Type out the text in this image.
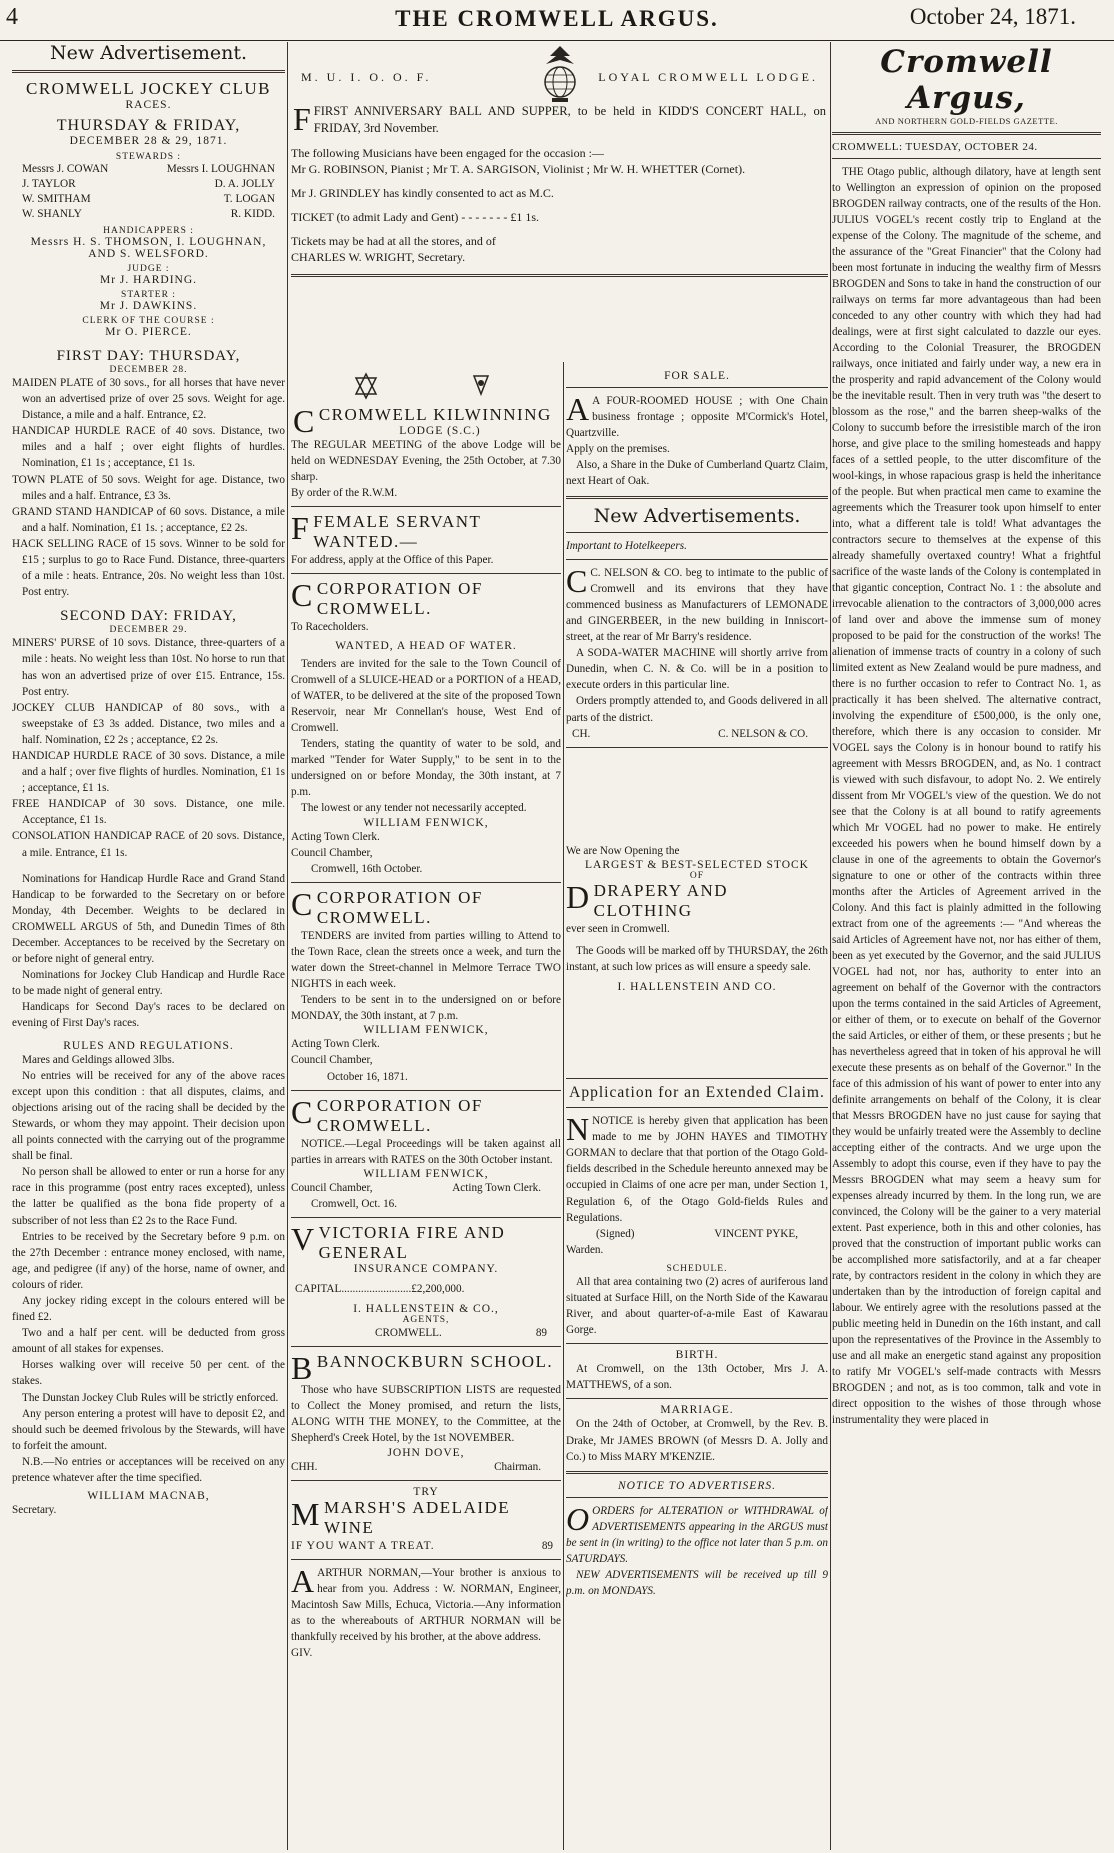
4	THE CROMWELL ARGUS.	October 24, 1871.
New Advertisement.
CROMWELL JOCKEY CLUB
RACES.
THURSDAY & FRIDAY,
DECEMBER 28 & 29, 1871.
STEWARDS :
Messrs J. COWAN	Messrs I. LOUGHNAN
J. TAYLOR	D. A. JOLLY
W. SMITHAM	T. LOGAN
W. SHANLY	R. KIDD.
HANDICAPPERS :
Messrs H. S. THOMSON, I. LOUGHNAN,
AND S. WELSFORD.
JUDGE :
Mr J. HARDING.
STARTER :
Mr J. DAWKINS.
CLERK OF THE COURSE :
Mr O. PIERCE.
FIRST DAY: THURSDAY,
DECEMBER 28.

MAIDEN PLATE of 30 sovs., for all horses that have never won an advertised prize of over 25 sovs. Weight for age. Distance, a mile and a half. Entrance, £2.

HANDICAP HURDLE RACE of 40 sovs. Distance, two miles and a half ; over eight flights of hurdles. Nomination, £1 1s ; acceptance, £1 1s.

TOWN PLATE of 50 sovs. Weight for age. Distance, two miles and a half. Entrance, £3 3s.

GRAND STAND HANDICAP of 60 sovs. Distance, a mile and a half. Nomination, £1 1s. ; acceptance, £2 2s.

HACK SELLING RACE of 15 sovs. Winner to be sold for £15 ; surplus to go to Race Fund. Distance, three-quarters of a mile : heats. Entrance, 20s. No weight less than 10st. Post entry.

SECOND DAY: FRIDAY,
DECEMBER 29.

MINERS' PURSE of 10 sovs. Distance, three-quarters of a mile : heats. No weight less than 10st. No horse to run that has won an advertised prize of over £15. Entrance, 15s. Post entry.

JOCKEY CLUB HANDICAP of 80 sovs., with a sweepstake of £3 3s added. Distance, two miles and a half. Nomination, £2 2s ; acceptance, £2 2s.

HANDICAP HURDLE RACE of 30 sovs. Distance, a mile and a half ; over five flights of hurdles. Nomination, £1 1s ; acceptance, £1 1s.

FREE HANDICAP of 30 sovs. Distance, one mile. Acceptance, £1 1s.

CONSOLATION HANDICAP RACE of 20 sovs. Distance, a mile. Entrance, £1 1s.

Nominations for Handicap Hurdle Race and Grand Stand Handicap to be forwarded to the Secretary on or before Monday, 4th December. Weights to be declared in CROMWELL ARGUS of 5th, and Dunedin Times of 8th December. Acceptances to be received by the Secretary on or before night of general entry.

Nominations for Jockey Club Handicap and Hurdle Race to be made night of general entry.

Handicaps for Second Day's races to be declared on evening of First Day's races.

RULES AND REGULATIONS.

Mares and Geldings allowed 3lbs.

No entries will be received for any of the above races except upon this condition : that all disputes, claims, and objections arising out of the racing shall be decided by the Stewards, or whom they may appoint. Their decision upon all points connected with the carrying out of the programme shall be final.

No person shall be allowed to enter or run a horse for any race in this programme (post entry races excepted), unless the latter be qualified as the bona fide property of a subscriber of not less than £2 2s to the Race Fund.

Entries to be received by the Secretary before 9 p.m. on the 27th December : entrance money enclosed, with name, age, and pedigree (if any) of the horse, name of owner, and colours of rider.

Any jockey riding except in the colours entered will be fined £2.

Two and a half per cent. will be deducted from gross amount of all stakes for expenses.

Horses walking over will receive 50 per cent. of the stakes.

The Dunstan Jockey Club Rules will be strictly enforced.

Any person entering a protest will have to deposit £2, and should such be deemed frivolous by the Stewards, will have to forfeit the amount.

N.B.—No entries or acceptances will be received on any pretence whatever after the time specified.

WILLIAM MACNAB,
Secretary.
M. U. I. O. O. F.	LOYAL CROMWELL LODGE.

FFIRST ANNIVERSARY BALL AND SUPPER, to be held in KIDD'S CONCERT HALL, on FRIDAY, 3rd November.

The following Musicians have been engaged for the occasion :—
Mr G. ROBINSON, Pianist ; Mr T. A. SARGISON, Violinist ; Mr W. H. WHETTER (Cornet).
Mr J. GRINDLEY has kindly consented to act as M.C.
TICKET (to admit Lady and Gent) - - - - - - - £1 1s.
Tickets may be had at all the stores, and of
CHARLES W. WRIGHT, Secretary.
CCROMWELL KILWINNING
LODGE (S.C.)

The REGULAR MEETING of the above Lodge will be held on WEDNESDAY Evening, the 25th October, at 7.30 sharp.

By order of the R.W.M.
FFEMALE SERVANT WANTED.—

For address, apply at the Office of this Paper.

CCORPORATION OF CROMWELL.
To Racecholders.
WANTED, A HEAD OF WATER.

Tenders are invited for the sale to the Town Council of Cromwell of a SLUICE-HEAD or a PORTION of a HEAD, of WATER, to be delivered at the site of the proposed Town Reservoir, near Mr Connellan's house, West End of Cromwell.

Tenders, stating the quantity of water to be sold, and marked "Tender for Water Supply," to be sent in to the undersigned on or before Monday, the 30th instant, at 7 p.m.

The lowest or any tender not necessarily accepted.

WILLIAM FENWICK,
Acting Town Clerk.
Council Chamber,
Cromwell, 16th October.
CCORPORATION OF CROMWELL.

TENDERS are invited from parties willing to Attend to the Town Race, clean the streets once a week, and turn the water down the Street-channel in Melmore Terrace TWO NIGHTS in each week.

Tenders to be sent in to the undersigned on or before MONDAY, the 30th instant, at 7 p.m.

WILLIAM FENWICK,
Acting Town Clerk.
Council Chamber,
October 16, 1871.
CCORPORATION OF CROMWELL.

NOTICE.—Legal Proceedings will be taken against all parties in arrears with RATES on the 30th October instant.

WILLIAM FENWICK,
Council Chamber,	Acting Town Clerk.
Cromwell, Oct. 16.
VVICTORIA FIRE AND GENERAL
INSURANCE COMPANY.
CAPITAL.........................£2,200,000.
I. HALLENSTEIN & CO.,
AGENTS,
CROMWELL.	89
BBANNOCKBURN SCHOOL.

Those who have SUBSCRIPTION LISTS are requested to Collect the Money promised, and return the lists, ALONG WITH THE MONEY, to the Committee, at the Shepherd's Creek Hotel, by the 1st NOVEMBER.

JOHN DOVE,
CHH.	Chairman.
TRY
MMARSH'S ADELAIDE WINE
IF YOU WANT A TREAT.	89

AARTHUR NORMAN,—Your brother is anxious to hear from you. Address : W. NORMAN, Engineer, Macintosh Saw Mills, Echuca, Victoria.—Any information as to the whereabouts of ARTHUR NORMAN will be thankfully received by his brother, at the above address.

GIV.
FOR SALE.

A A FOUR-ROOMED HOUSE ; with One Chain business frontage ; opposite M'Cormick's Hotel, Quartzville.

Apply on the premises.

Also, a Share in the Duke of Cumberland Quartz Claim, next Heart of Oak.

New Advertisements.
Important to Hotelkeepers.

C C. NELSON & CO. beg to intimate to the public of Cromwell and its environs that they have commenced business as Manufacturers of LEMONADE and GINGERBEER, in the new building in Inniscort-street, at the rear of Mr Barry's residence.

A SODA-WATER MACHINE will shortly arrive from Dunedin, when C. N. & Co. will be in a position to execute orders in this particular line.

Orders promptly attended to, and Goods delivered in all parts of the district.

CH.	C. NELSON & CO.
We are Now Opening the
LARGEST & BEST-SELECTED STOCK
OF
DDRAPERY AND CLOTHING
ever seen in Cromwell.

The Goods will be marked off by THURSDAY, the 26th instant, at such low prices as will ensure a speedy sale.

I. HALLENSTEIN AND CO.
Application for an Extended Claim.

NNOTICE is hereby given that application has been made to me by JOHN HAYES and TIMOTHY GORMAN to declare that that portion of the Otago Gold-fields described in the Schedule hereunto annexed may be occupied in Claims of one acre per man, under Section 1, Regulation 6, of the Otago Gold-fields Rules and Regulations.

(Signed)	VINCENT PYKE,
Warden.
SCHEDULE.

All that area containing two (2) acres of auriferous land situated at Surface Hill, on the North Side of the Kawarau River, and about quarter-of-a-mile East of Kawarau Gorge.

BIRTH.

At Cromwell, on the 13th October, Mrs J. A. MATTHEWS, of a son.

MARRIAGE.

On the 24th of October, at Cromwell, by the Rev. B. Drake, Mr JAMES BROWN (of Messrs D. A. Jolly and Co.) to Miss MARY M'KENZIE.

NOTICE TO ADVERTISERS.

OORDERS for ALTERATION or WITHDRAWAL of ADVERTISEMENTS appearing in the ARGUS must be sent in (in writing) to the office not later than 5 p.m. on SATURDAYS.

NEW ADVERTISEMENTS will be received up till 9 p.m. on MONDAYS.

Cromwell Argus,
AND NORTHERN GOLD-FIELDS GAZETTE.
CROMWELL: TUESDAY, OCTOBER 24.

THE Otago public, although dilatory, have at length sent to Wellington an expression of opinion on the proposed BROGDEN railway contracts, one of the results of the Hon. JULIUS VOGEL's recent costly trip to England at the expense of the Colony. The magnitude of the scheme, and the assurance of the "Great Financier" that the Colony had been most fortunate in inducing the wealthy firm of Messrs BROGDEN and Sons to take in hand the construction of our railways on terms far more advantageous than had been conceded to any other country with which they had had dealings, were at first sight calculated to dazzle our eyes. According to the Colonial Treasurer, the BROGDEN railways, once initiated and fairly under way, a new era in the prosperity and rapid advancement of the Colony would be the inevitable result. Then in very truth was "the desert to blossom as the rose," and the barren sheep-walks of the Colony to succumb before the irresistible march of the iron horse, and give place to the smiling homesteads and happy faces of a settled people, to the utter discomfiture of the wool-kings, in whose rapacious grasp is held the inheritance of the people. But when practical men came to examine the agreements which the Treasurer took upon himself to enter into, what a different tale is told! What advantages the contractors secure to themselves at the expense of this already shamefully overtaxed country! What a frightful sacrifice of the waste lands of the Colony is contemplated in that gigantic conception, Contract No. 1 : the absolute and irrevocable alienation to the contractors of 3,000,000 acres of land over and above the immense sum of money proposed to be paid for the construction of the works! The alienation of immense tracts of country in a colony of such limited extent as New Zealand would be pure madness, and there is no further occasion to refer to Contract No. 1, as practically it has been shelved. The alternative contract, involving the expenditure of £500,000, is the only one, therefore, which there is any occasion to consider. Mr VOGEL says the Colony is in honour bound to ratify his agreement with Messrs BROGDEN, and, as No. 1 contract is viewed with such disfavour, to adopt No. 2. We entirely dissent from Mr VOGEL's view of the question. We do not see that the Colony is at all bound to ratify agreements which Mr VOGEL had no power to make. He entirely exceeded his powers when he bound himself down by a clause in one of the agreements to obtain the Governor's signature to one or other of the contracts within three months after the Articles of Agreement arrived in the Colony. And this fact is plainly admitted in the following extract from one of the agreements :— "And whereas the said Articles of Agreement have not, nor has either of them, been as yet executed by the Governor, and the said JULIUS VOGEL had not, nor has, authority to enter into an agreement on behalf of the Governor with the contractors upon the terms contained in the said Articles of Agreement, or either of them, or to execute on behalf of the Governor the said Articles, or either of them, or these presents ; but he has nevertheless agreed that in token of his approval he will execute these presents as on behalf of the Governor." In the face of this admission of his want of power to enter into any definite arrangements on behalf of the Colony, it is clear that Messrs BROGDEN have no just cause for saying that they would be unfairly treated were the Assembly to decline accepting either of the contracts. And we urge upon the Assembly to adopt this course, even if they have to pay the Messrs BROGDEN what may seem a heavy sum for expenses already incurred by them. In the long run, we are convinced, the Colony will be the gainer to a very material extent. Past experience, both in this and other colonies, has proved that the construction of important public works can be accomplished more satisfactorily, and at a far cheaper rate, by contractors resident in the colony in which they are undertaken than by the introduction of foreign capital and labour. We entirely agree with the resolutions passed at the public meeting held in Dunedin on the 16th instant, and call upon the representatives of the Province in the Assembly to use and all make an energetic stand against any proposition to ratify Mr VOGEL's self-made contracts with Messrs BROGDEN ; and not, as is too common, talk and vote in direct opposition to the wishes of those through whose instrumentality they were placed in
